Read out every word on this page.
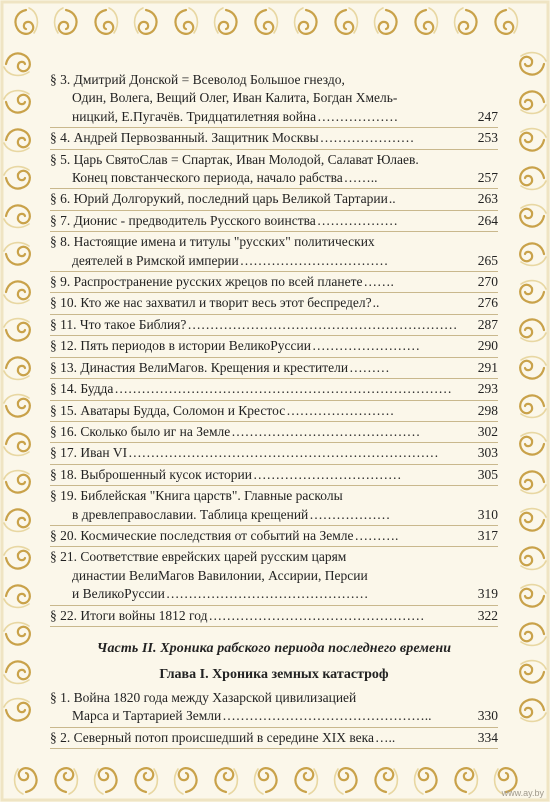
§ 3. Дмитрий Донской = Всеволод Большое гнездо,
Один, Волега, Вещий Олег, Иван Калита, Богдан Хмель-
ницкий, Е.Пугачёв. Тридцатилетняя война ………………	247
§ 4. Андрей Первозванный. Защитник Москвы …………………	253
§ 5. Царь СвятоСлав = Спартак, Иван Молодой, Салават Юлаев.
Конец повстанческого периода, начало рабства ……..	257
§ 6. Юрий Долгорукий, последний царь Великой Тартарии ..	263
§ 7. Дионис - предводитель Русского воинства ………………	264
§ 8. Настоящие имена и титулы "русских" политических
деятелей в Римской империи ……………………………	265
§ 9. Распространение русских жрецов по всей планете …….	270
§ 10. Кто же нас захватил и творит весь этот беспредел? ..	276
§ 11. Что такое Библия? ……………………………………………………	287
§ 12. Пять периодов в истории ВеликоРуссии ……………………	290
§ 13. Династия ВелиМагов. Крещения и крестители ………	291
§ 14. Будда …………………………………………………………………	293
§ 15. Аватары Будда, Соломон и Крестос ……………………	298
§ 16. Сколько было иг на Земле ……………………………………	302
§ 17. Иван VI ……………………………………………………………	303
§ 18. Выброшенный кусок истории ……………………………	305
§ 19. Библейская "Книга царств". Главные расколы
в древлеправославии. Таблица крещений ………………	310
§ 20. Космические последствия от событий на Земле ……….	317
§ 21. Соответствие еврейских царей русским царям
династии ВелиМагов Вавилонии, Ассирии, Персии
и ВеликоРуссии ………………………………………	319
§ 22. Итоги войны 1812 год …………………………………………	322
Часть II. Хроника рабского периода последнего времени
Глава I. Хроника земных катастроф
§ 1. Война 1820 года между Хазарской цивилизацией
Марса и Тартарией Земли ………………………………………..	330
§ 2. Северный потоп происшедший в середине XIX века …..	334
www.ay.by
